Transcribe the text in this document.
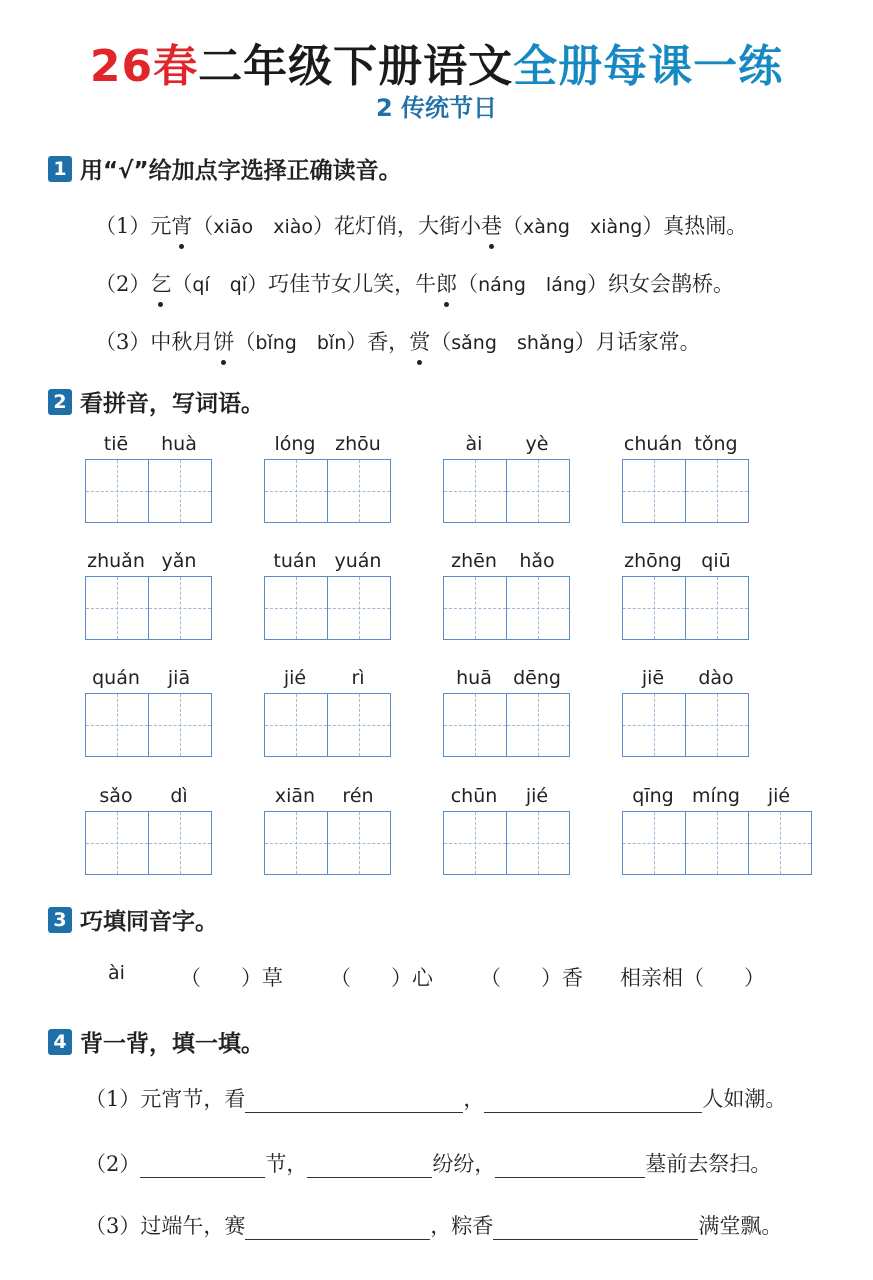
26春二年级下册语文全册每课一练
2 传统节日
1 用“√”给加点字选择正确读音。
（1）元宵（xiāo xiào）花灯俏，大街小巷（xàng xiàng）真热闹。
（2）乞（qí qǐ）巧佳节女儿笑，牛郎（náng láng）织女会鹊桥。
（3）中秋月饼（bǐng bǐn）香，赏（sǎng shǎng）月话家常。
2 看拼音，写词语。
tiē	huà	lóng	zhōu	ài	yè	chuán tǒng
zhuǎn yǎn	tuán yuán	zhēn	hǎo	zhōng	qiū
quán	jiā	jié	rì	huā	dēng	jiē	dào
sǎo	dì	xiān	rén	chūn	jié	qīng míng	jié
3 巧填同音字。
ài	（      ）草	（      ）心	（      ）香	相亲相（      ）
4 背一背，填一填。
（1）元宵节，看	，	人如潮。
（2）	节，	纷纷，	墓前去祭扫。
（3）过端午，赛	，粽香	满堂飘。
